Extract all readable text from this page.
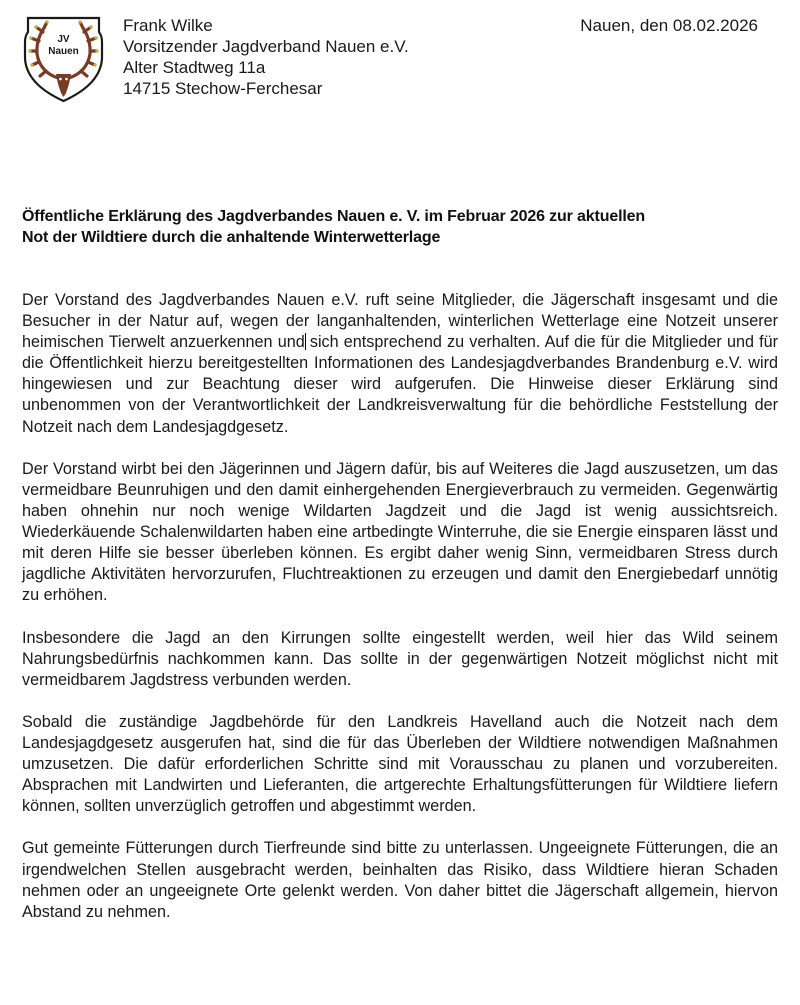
JV
Nauen
Frank Wilke
Vorsitzender Jagdverband Nauen e.V.
Alter Stadtweg 11a
14715 Stechow-Ferchesar
Nauen, den 08.02.2026
Öffentliche Erklärung des Jagdverbandes Nauen e. V. im Februar 2026 zur aktuellen
Not der Wildtiere durch die anhaltende Winterwetterlage

Der Vorstand des Jagdverbandes Nauen e.V. ruft seine Mitglieder, die Jägerschaft insgesamt und die Besucher in der Natur auf, wegen der langanhaltenden, winterlichen Wetterlage eine Notzeit unserer heimischen Tierwelt anzuerkennen und sich entsprechend zu verhalten. Auf die für die Mitglieder und für die Öffentlichkeit hierzu bereitgestellten Informationen des Landesjagdverbandes Brandenburg e.V. wird hingewiesen und zur Beachtung dieser wird aufgerufen. Die Hinweise dieser Erklärung sind unbenommen von der Verantwortlichkeit der Landkreisverwaltung für die behördliche Feststellung der Notzeit nach dem Landesjagdgesetz.

Der Vorstand wirbt bei den Jägerinnen und Jägern dafür, bis auf Weiteres die Jagd auszusetzen, um das vermeidbare Beunruhigen und den damit einhergehenden Energieverbrauch zu vermeiden. Gegenwärtig haben ohnehin nur noch wenige Wildarten Jagdzeit und die Jagd ist wenig aussichtsreich. Wiederkäuende Schalenwildarten haben eine artbedingte Winterruhe, die sie Energie einsparen lässt und mit deren Hilfe sie besser überleben können. Es ergibt daher wenig Sinn, vermeidbaren Stress durch jagdliche Aktivitäten hervorzurufen, Fluchtreaktionen zu erzeugen und damit den Energiebedarf unnötig zu erhöhen.

Insbesondere die Jagd an den Kirrungen sollte eingestellt werden, weil hier das Wild seinem Nahrungsbedürfnis nachkommen kann. Das sollte in der gegenwärtigen Notzeit möglichst nicht mit vermeidbarem Jagdstress verbunden werden.

Sobald die zuständige Jagdbehörde für den Landkreis Havelland auch die Notzeit nach dem Landesjagdgesetz ausgerufen hat, sind die für das Überleben der Wildtiere notwendigen Maßnahmen umzusetzen. Die dafür erforderlichen Schritte sind mit Vorausschau zu planen und vorzubereiten. Absprachen mit Landwirten und Lieferanten, die artgerechte Erhaltungsfütterungen für Wildtiere liefern können, sollten unverzüglich getroffen und abgestimmt werden.

Gut gemeinte Fütterungen durch Tierfreunde sind bitte zu unterlassen. Ungeeignete Fütterungen, die an irgendwelchen Stellen ausgebracht werden, beinhalten das Risiko, dass Wildtiere hieran Schaden nehmen oder an ungeeignete Orte gelenkt werden. Von daher bittet die Jägerschaft allgemein, hiervon Abstand zu nehmen.
